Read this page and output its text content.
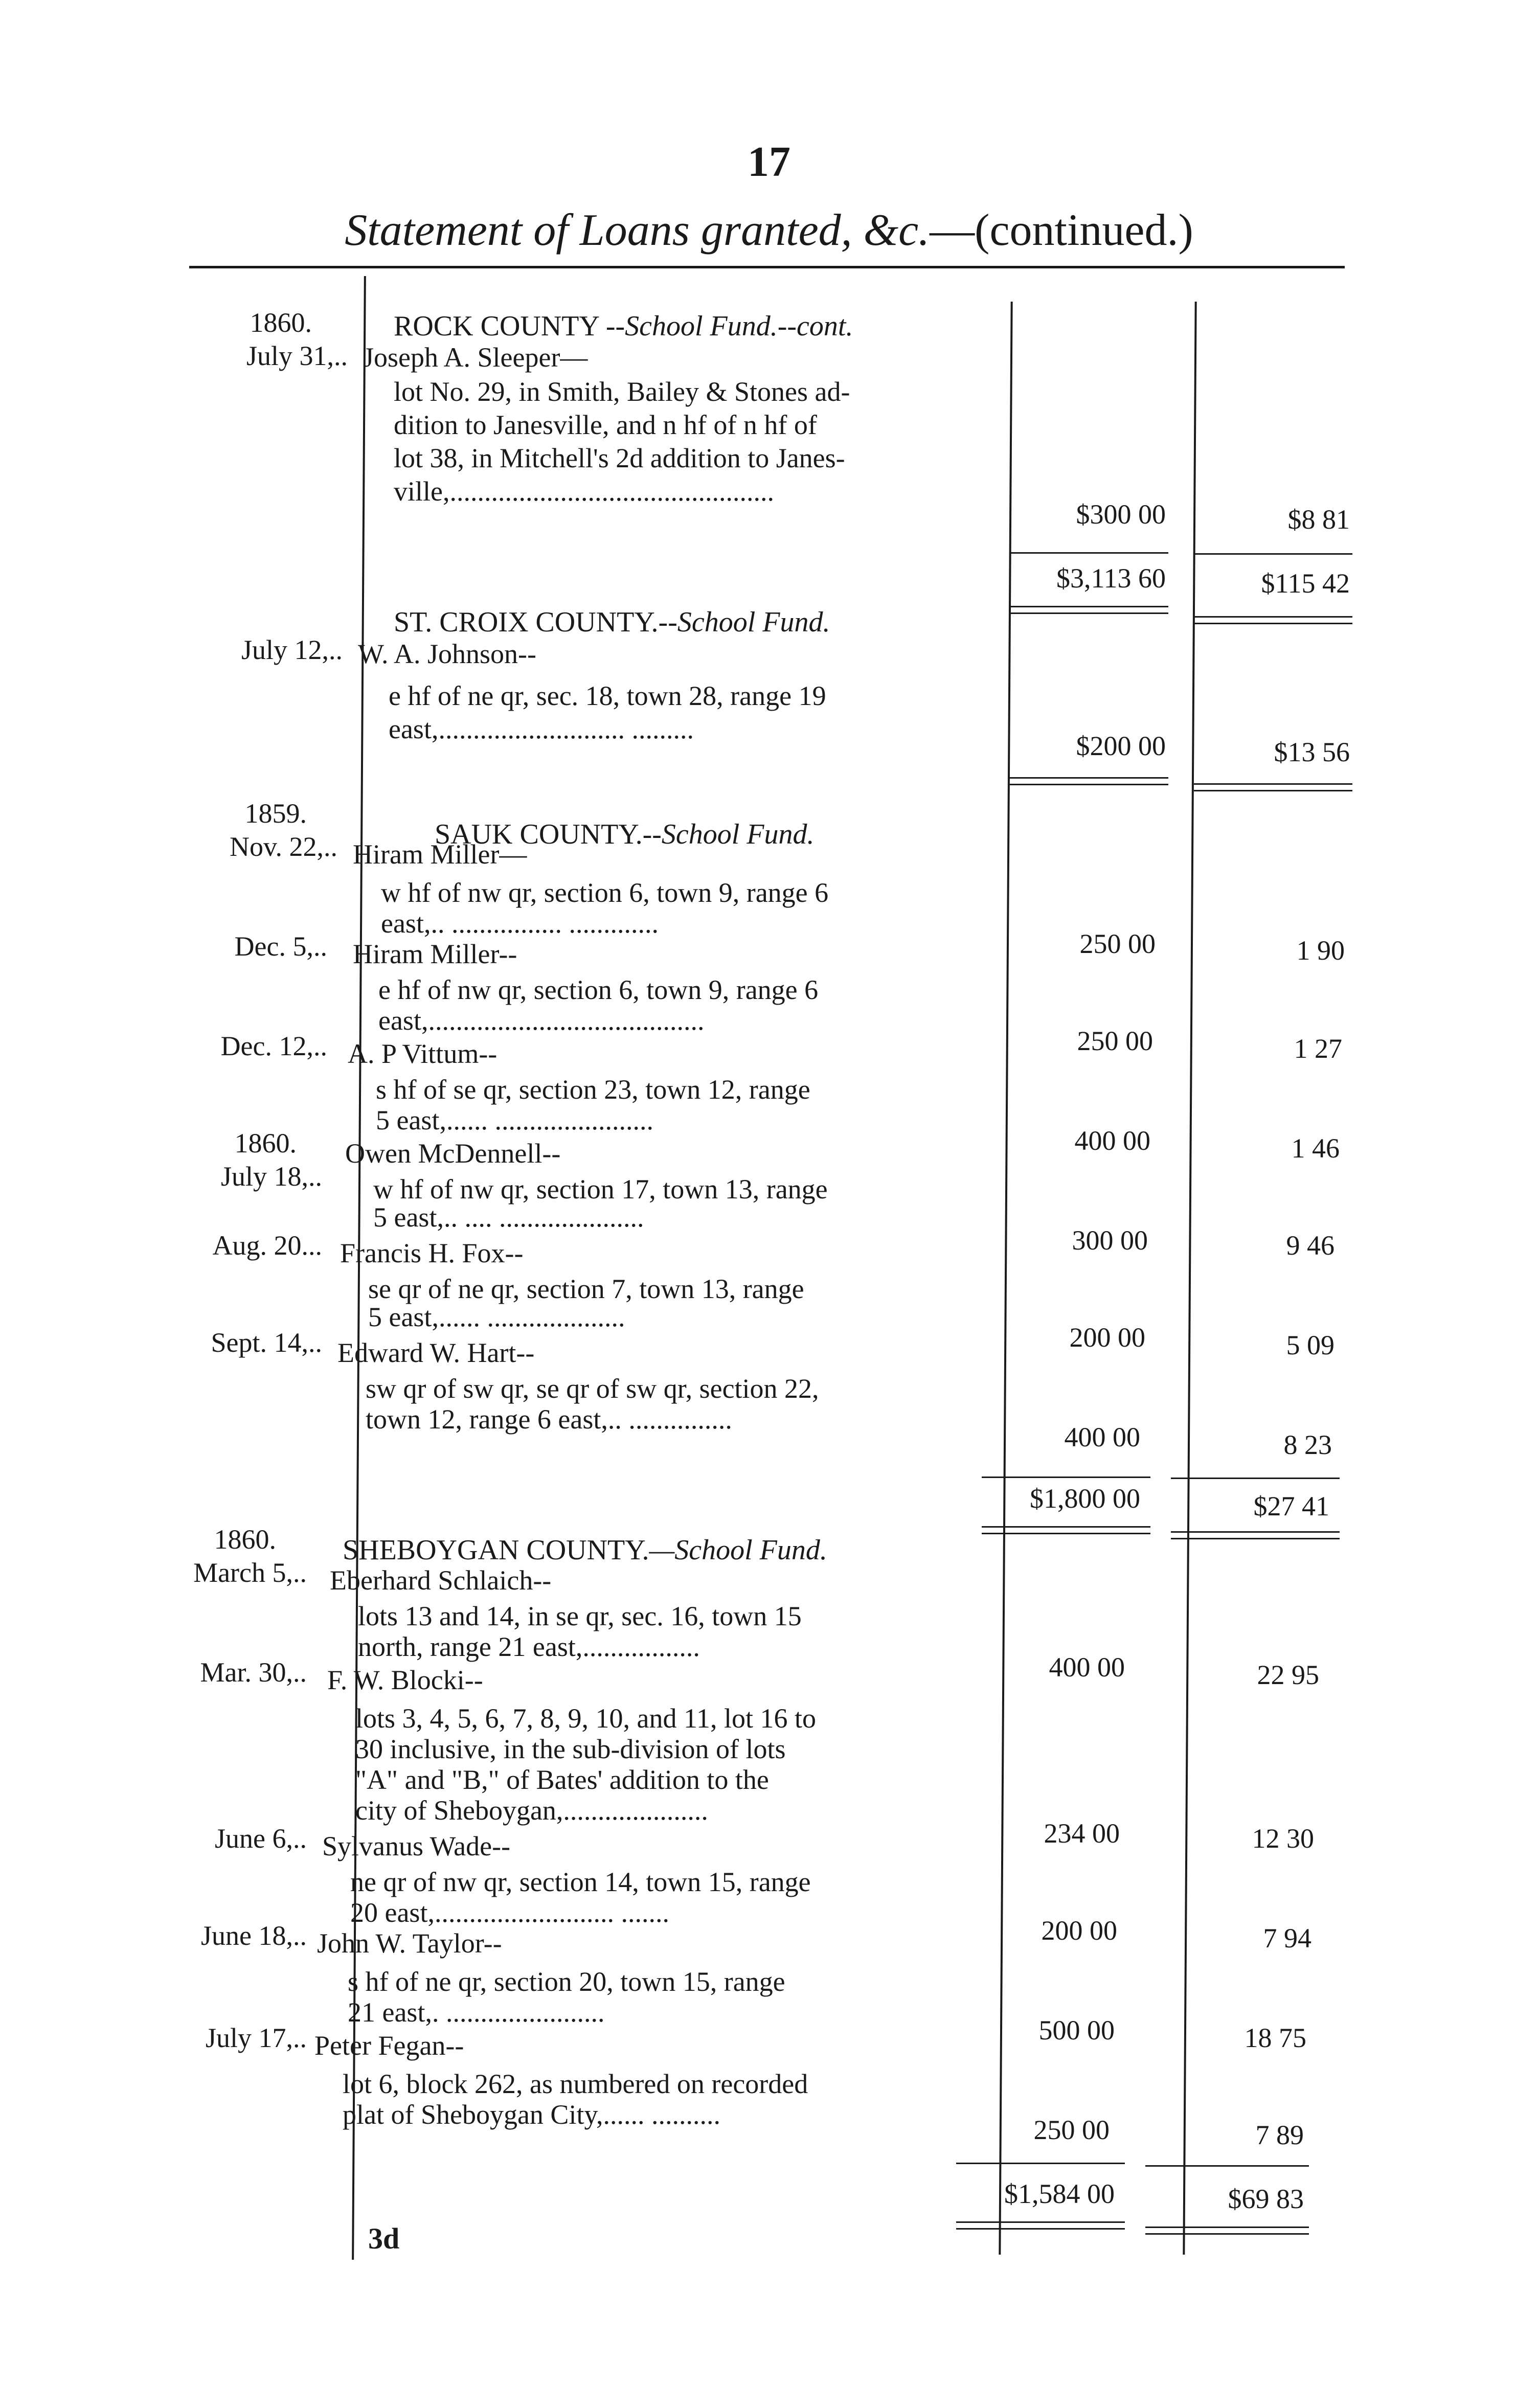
17
Statement of Loans granted, &c.—(continued.)
1860.	ROCK COUNTY --School Fund.--cont.
July 31,.. Joseph A. Sleeper—
lot No. 29, in Smith, Bailey & Stones ad-
dition to Janesville, and n hf of n hf of
lot 38, in Mitchell's 2d addition to Janes-
ville,...............................................
$300 00	$8 81
$3,113 60	$115 42
ST. CROIX COUNTY.--School Fund.
July 12,.. W. A. Johnson--
e hf of ne qr, sec. 18, town 28, range 19
east,........................... .........
$200 00	$13 56
1859.
SAUK COUNTY.--School Fund.
Nov. 22,.. Hiram Miller—
w hf of nw qr, section 6, town 9, range 6
east,.. ................ .............
250 00	1 90
Dec. 5,.. Hiram Miller--
e hf of nw qr, section 6, town 9, range 6
east,........................................
250 00	1 27
Dec. 12,.. A. P Vittum--
s hf of se qr, section 23, town 12, range
5 east,...... .......................
400 00	1 46
1860.
July 18,..
Owen McDennell--
w hf of nw qr, section 17, town 13, range
5 east,.. .... .....................
300 00	9 46
Aug. 20... Francis H. Fox--
se qr of ne qr, section 7, town 13, range
5 east,...... ....................
200 00	5 09
Sept. 14,.. Edward W. Hart--
sw qr of sw qr, se qr of sw qr, section 22,
town 12, range 6 east,.. ...............
400 00	8 23
$1,800 00	$27 41
1860. SHEBOYGAN COUNTY.—School Fund.
March 5,.. Eberhard Schlaich--
lots 13 and 14, in se qr, sec. 16, town 15
north, range 21 east,.................
400 00	22 95
Mar. 30,.. F. W. Blocki--
lots 3, 4, 5, 6, 7, 8, 9, 10, and 11, lot 16 to
30 inclusive, in the sub-division of lots
"A" and "B," of Bates' addition to the
city of Sheboygan,.....................
234 00	12 30
June 6,.. Sylvanus Wade--
ne qr of nw qr, section 14, town 15, range
20 east,.......................... .......
200 00	7 94
June 18,.. John W. Taylor--
s hf of ne qr, section 20, town 15, range
21 east,. .......................
500 00	18 75
July 17,.. Peter Fegan--
lot 6, block 262, as numbered on recorded
plat of Sheboygan City,...... ..........	250 00	7 89
$1,584 00	$69 83
3d
